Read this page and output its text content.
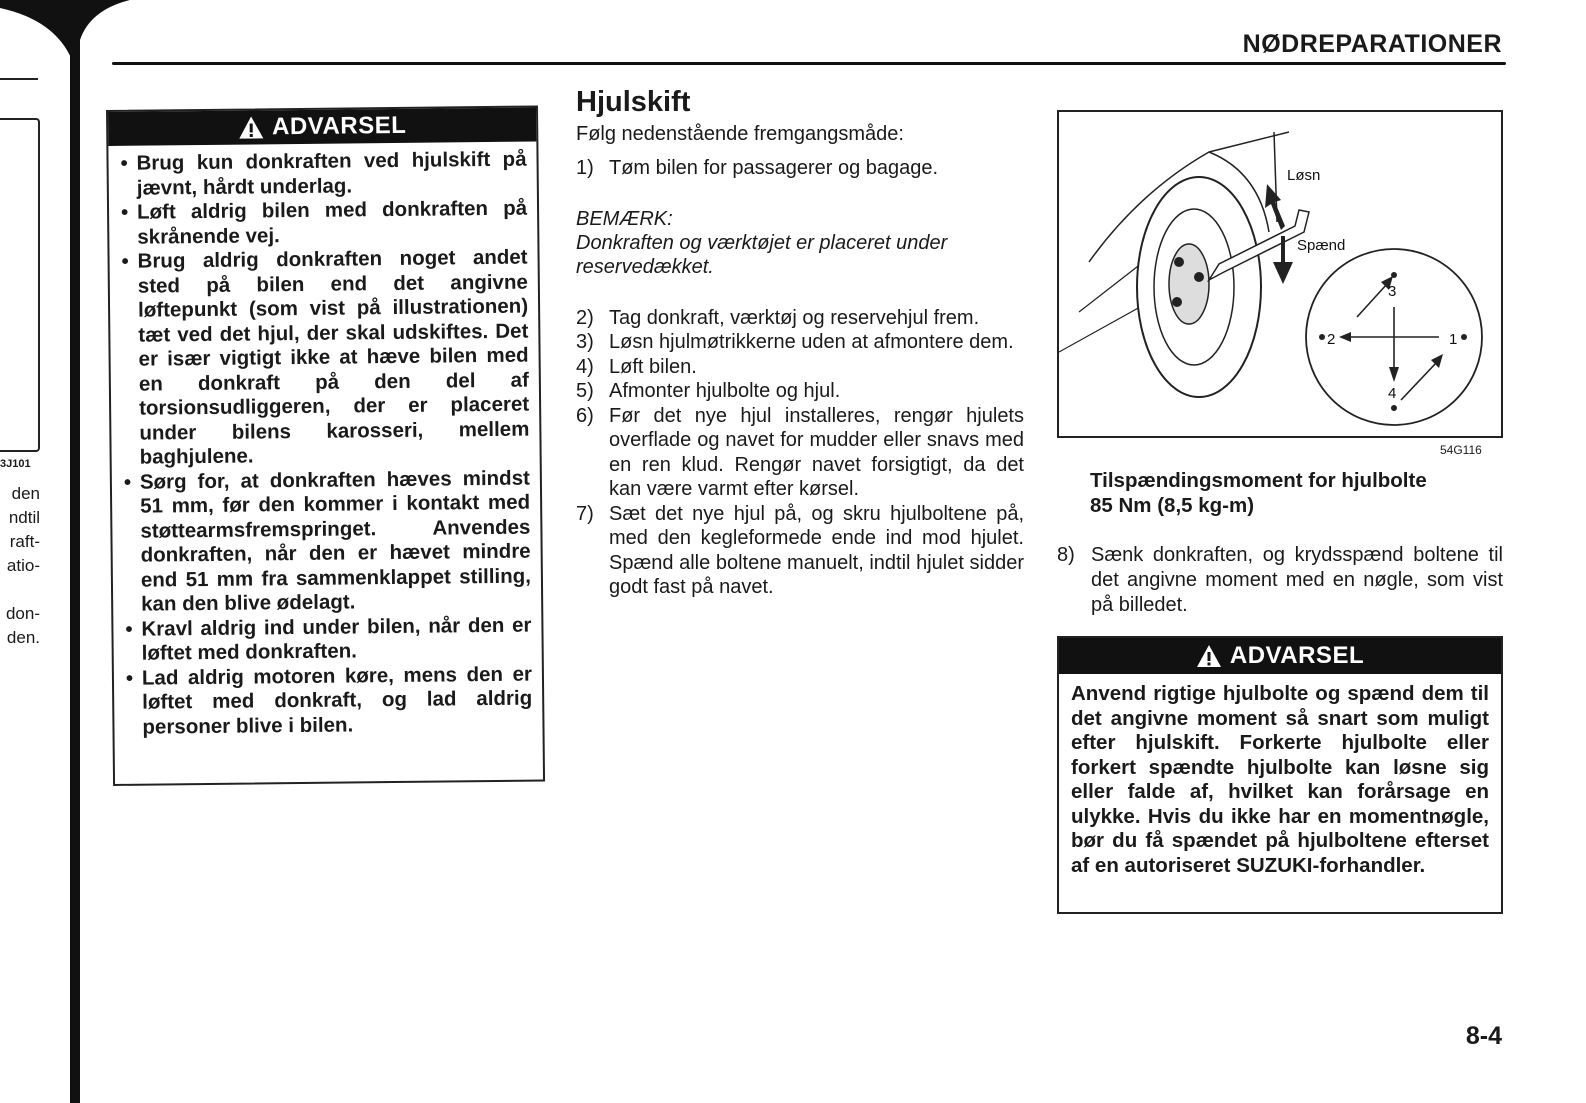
3J101
den
ndtil
raft-
atio-
don-
den.
NØDREPARATIONER
ADVARSEL
• Brug kun donkraften ved hjulskift på jævnt, hårdt underlag.
• Løft aldrig bilen med donkraften på skrånende vej.
• Brug aldrig donkraften noget andet sted på bilen end det angivne løftepunkt (som vist på illustrationen) tæt ved det hjul, der skal udskiftes. Det er især vigtigt ikke at hæve bilen med en donkraft på den del af torsionsudliggeren, der er placeret under bilens karosseri, mellem baghjulene.
• Sørg for, at donkraften hæves mindst 51 mm, før den kommer i kontakt med støttearmsfremspringet. Anvendes donkraften, når den er hævet mindre end 51 mm fra sammenklappet stilling, kan den blive ødelagt.
• Kravl aldrig ind under bilen, når den er løftet med donkraften.
• Lad aldrig motoren køre, mens den er løftet med donkraft, og lad aldrig personer blive i bilen.
Hjulskift
Følg nedenstående fremgangsmåde:
1) Tøm bilen for passagerer og bagage.
BEMÆRK:
Donkraften og værktøjet er placeret under reservedækket.
2) Tag donkraft, værktøj og reservehjul frem.
3) Løsn hjulmøtrikkerne uden at afmontere dem.
4) Løft bilen.
5) Afmonter hjulbolte og hjul.
6) Før det nye hjul installeres, rengør hjulets overflade og navet for mudder eller snavs med en ren klud. Rengør navet forsigtigt, da det kan være varmt efter kørsel.
7) Sæt det nye hjul på, og skru hjulboltene på, med den kegleformede ende ind mod hjulet. Spænd alle boltene manuelt, indtil hjulet sidder godt fast på navet.
Løsn
Spænd
3
2	1
4
54G116
Tilspændingsmoment for hjulbolte
85 Nm (8,5 kg-m)
8) Sænk donkraften, og krydsspænd boltene til det angivne moment med en nøgle, som vist på billedet.
ADVARSEL
Anvend rigtige hjulbolte og spænd dem til det angivne moment så snart som muligt efter hjulskift. Forkerte hjulbolte eller forkert spændte hjulbolte kan løsne sig eller falde af, hvilket kan forårsage en ulykke. Hvis du ikke har en momentnøgle, bør du få spændet på hjulboltene efterset af en autoriseret SUZUKI-forhandler.
8-4
